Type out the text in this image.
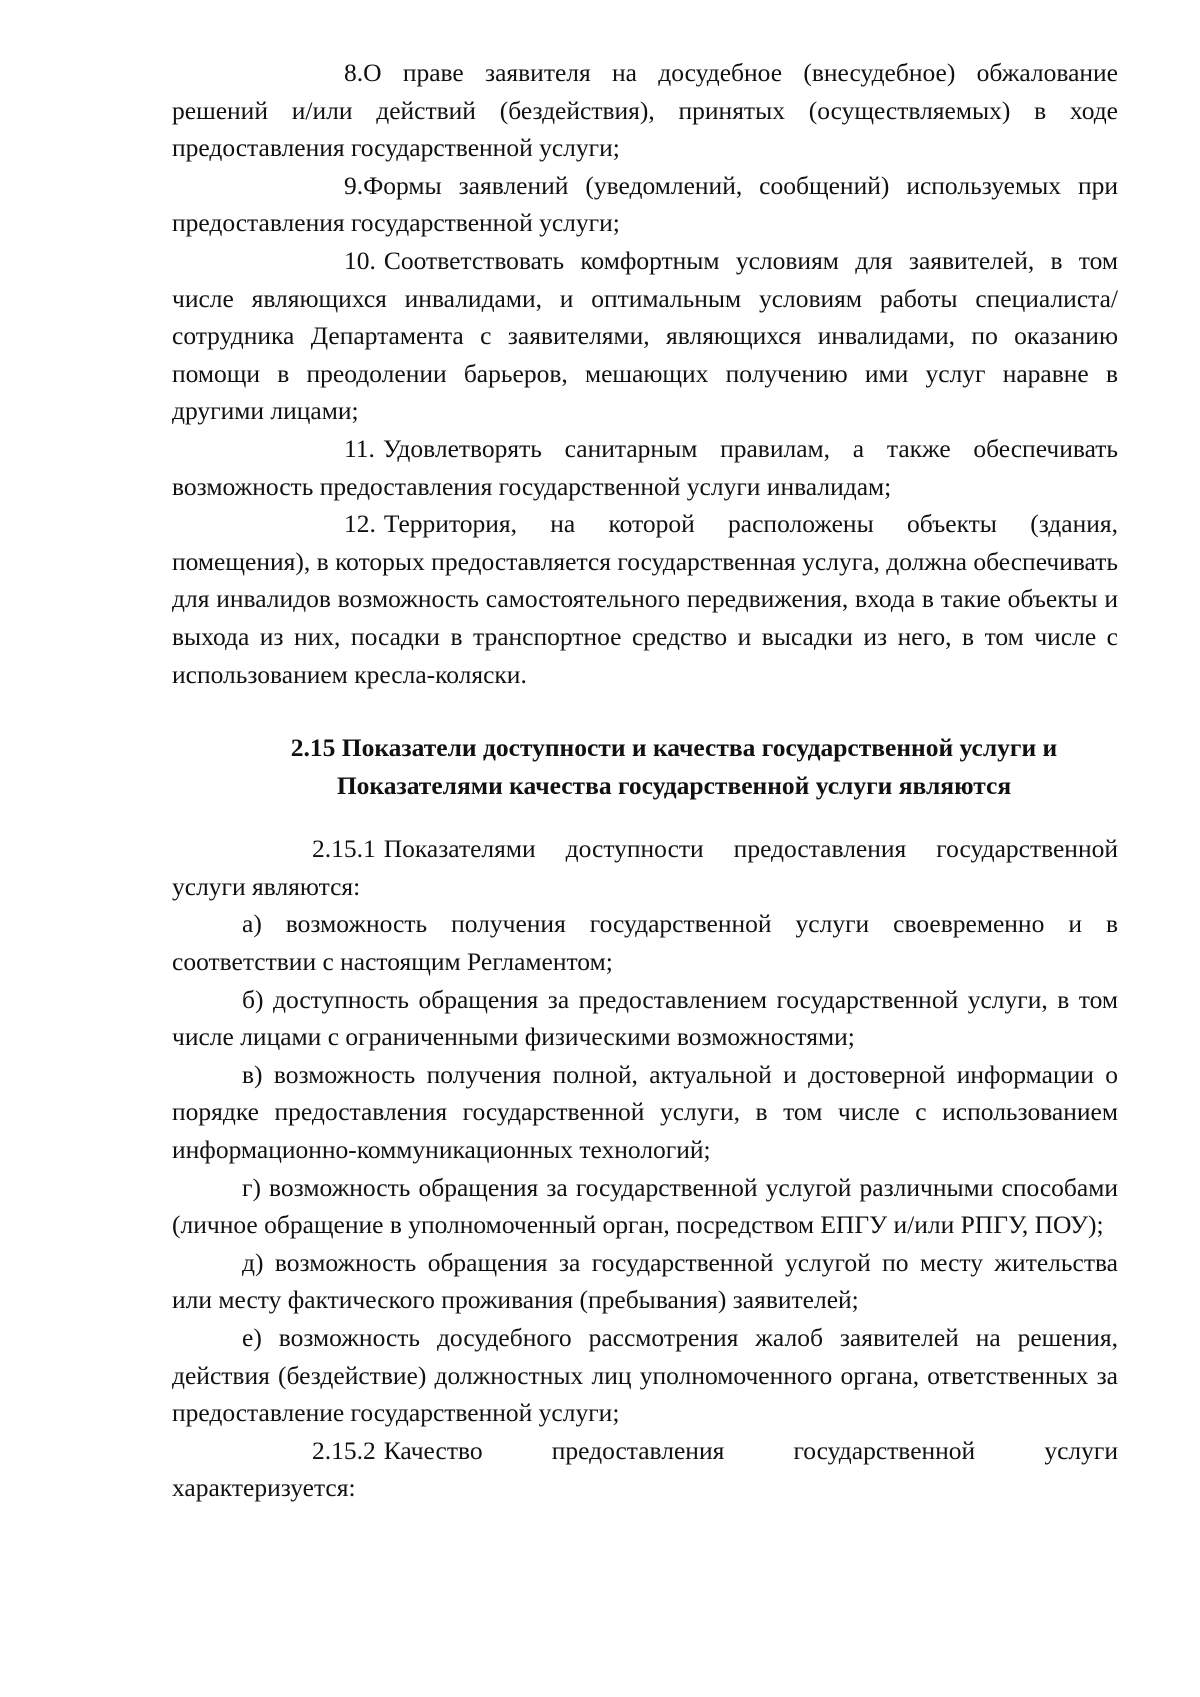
8.О праве заявителя на досудебное (внесудебное) обжалование решений и/или действий (бездействия), принятых (осуществляемых) в ходе предоставления государственной услуги;

9.Формы заявлений (уведомлений, сообщений) используемых при предоставления государственной услуги;

10. Соответствовать комфортным условиям для заявителей, в том числе являющихся инвалидами, и оптимальным условиям работы специалиста/сотрудника Департамента с заявителями, являющихся инвалидами, по оказанию помощи в преодолении барьеров, мешающих получению ими услуг наравне в другими лицами;

11. Удовлетворять санитарным правилам, а также обеспечивать возможность предоставления государственной услуги инвалидам;

12. Территория, на которой расположены объекты (здания, помещения), в которых предоставляется государственная услуга, должна обеспечивать для инвалидов возможность самостоятельного передвижения, входа в такие объекты и выхода из них, посадки в транспортное средство и высадки из него, в том числе с использованием кресла-коляски.

2.15 Показатели доступности и качества государственной услуги и

Показателями качества государственной услуги являются

2.15.1 Показателями доступности предоставления государственной услуги являются:

а) возможность получения государственной услуги своевременно и в соответствии с настоящим Регламентом;

б) доступность обращения за предоставлением государственной услуги, в том числе лицами с ограниченными физическими возможностями;

в) возможность получения полной, актуальной и достоверной информации о порядке предоставления государственной услуги, в том числе с использованием информационно-коммуникационных технологий;

г) возможность обращения за государственной услугой различными способами (личное обращение в уполномоченный орган, посредством ЕПГУ и/или РПГУ, ПОУ);

д) возможность обращения за государственной услугой по месту жительства или месту фактического проживания (пребывания) заявителей;

е) возможность досудебного рассмотрения жалоб заявителей на решения, действия (бездействие) должностных лиц уполномоченного органа, ответственных за предоставление государственной услуги;

2.15.2 Качество предоставления государственной услуги характеризуется:
